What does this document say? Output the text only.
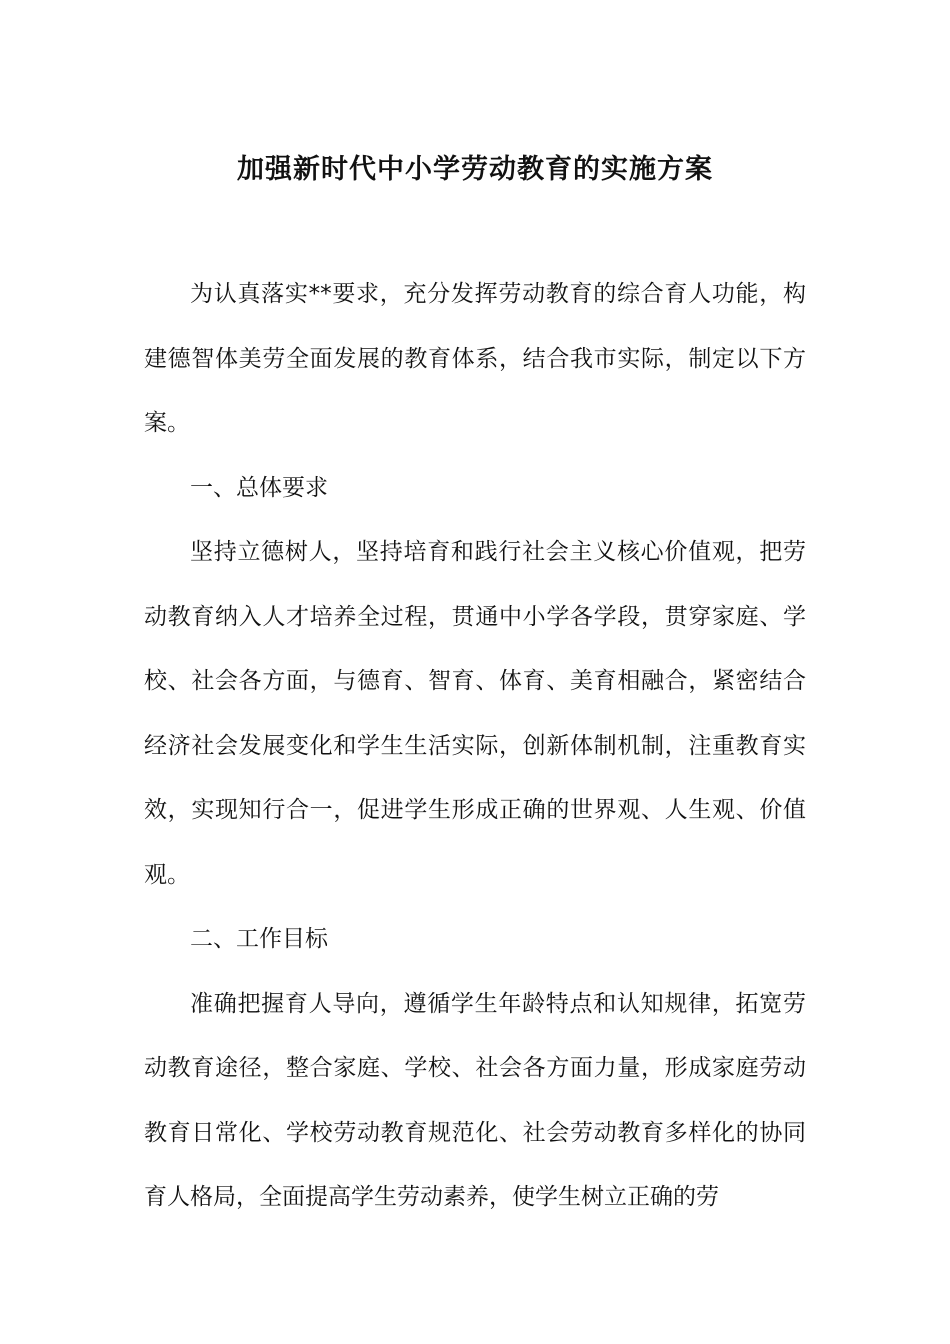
加强新时代中小学劳动教育的实施方案

为认真落实**要求，充分发挥劳动教育的综合育人功能，构建德智体美劳全面发展的教育体系，结合我市实际，制定以下方案。

一、总体要求

坚持立德树人，坚持培育和践行社会主义核心价值观，把劳动教育纳入人才培养全过程，贯通中小学各学段，贯穿家庭、学校、社会各方面，与德育、智育、体育、美育相融合，紧密结合经济社会发展变化和学生生活实际，创新体制机制，注重教育实效，实现知行合一，促进学生形成正确的世界观、人生观、价值观。

二、工作目标

准确把握育人导向，遵循学生年龄特点和认知规律，拓宽劳动教育途径，整合家庭、学校、社会各方面力量，形成家庭劳动教育日常化、学校劳动教育规范化、社会劳动教育多样化的协同育人格局，全面提高学生劳动素养，使学生树立正确的劳
